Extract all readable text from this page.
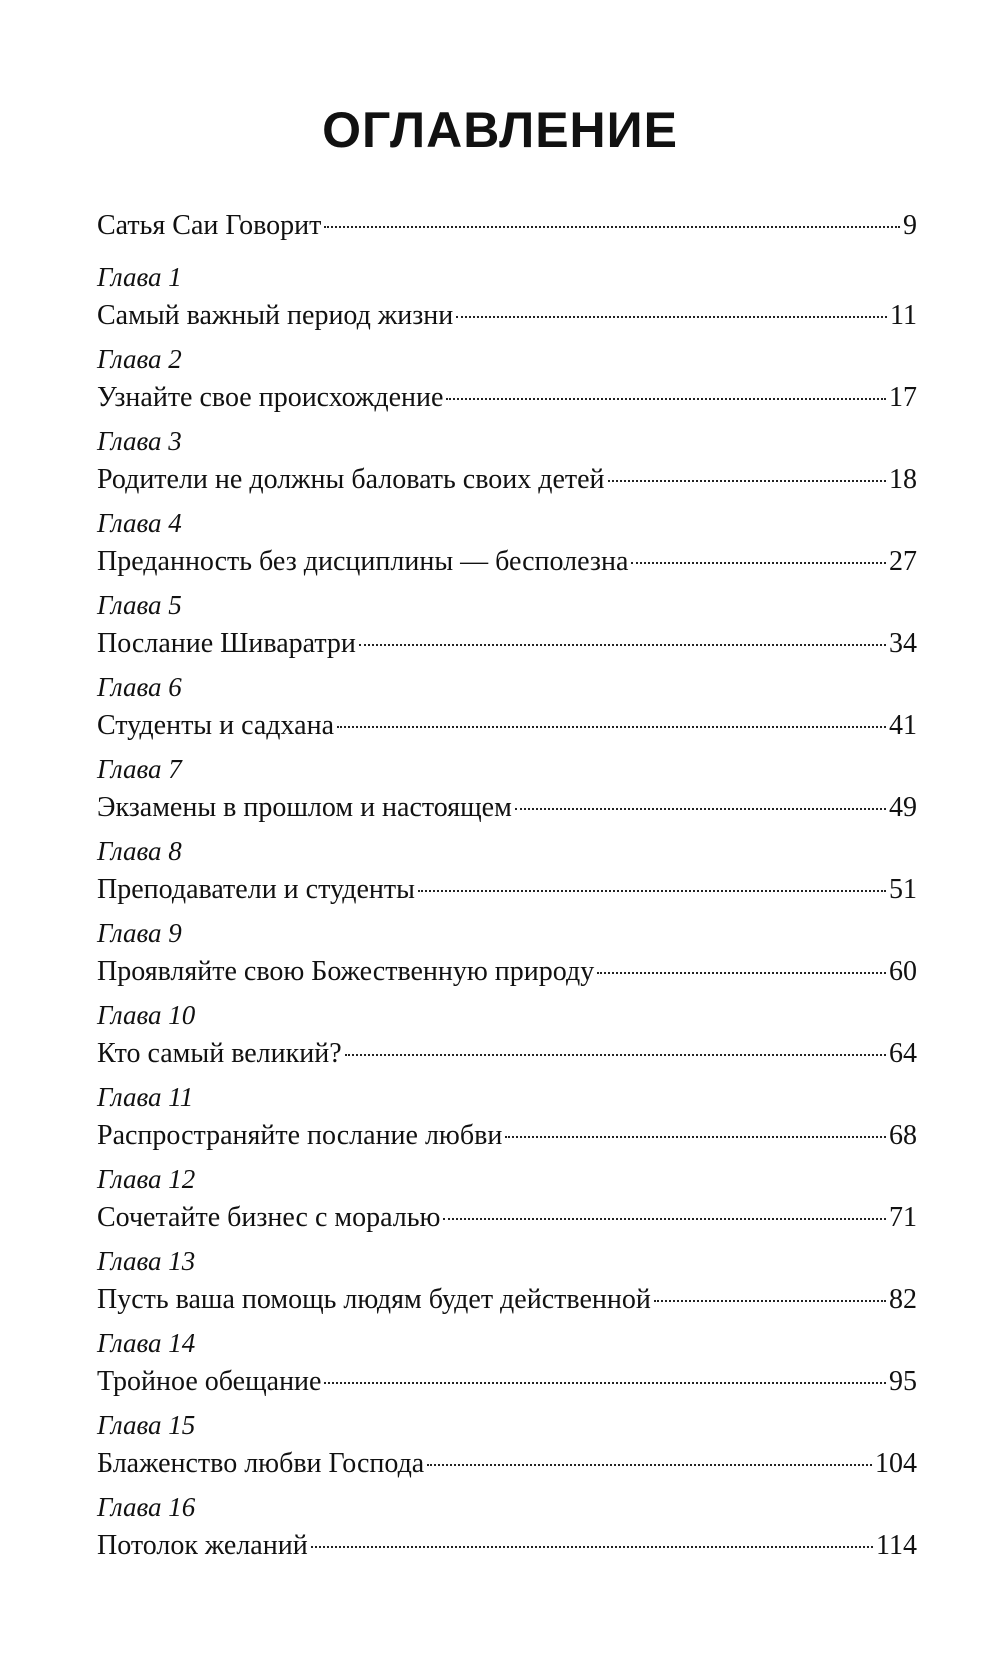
ОГЛАВЛЕНИЕ
Сатья Саи Говорит	9
Глава 1
Самый важный период жизни	11
Глава 2
Узнайте свое происхождение	17
Глава 3
Родители не должны баловать своих детей	18
Глава 4
Преданность без дисциплины — бесполезна	27
Глава 5
Послание Шиваратри	34
Глава 6
Студенты и садхана	41
Глава 7
Экзамены в прошлом и настоящем	49
Глава 8
Преподаватели и студенты	51
Глава 9
Проявляйте свою Божественную природу	60
Глава 10
Кто самый великий?	64
Глава 11
Распространяйте послание любви	68
Глава 12
Сочетайте бизнес с моралью	71
Глава 13
Пусть ваша помощь людям будет действенной	82
Глава 14
Тройное обещание	95
Глава 15
Блаженство любви Господа	104
Глава 16
Потолок желаний	114
